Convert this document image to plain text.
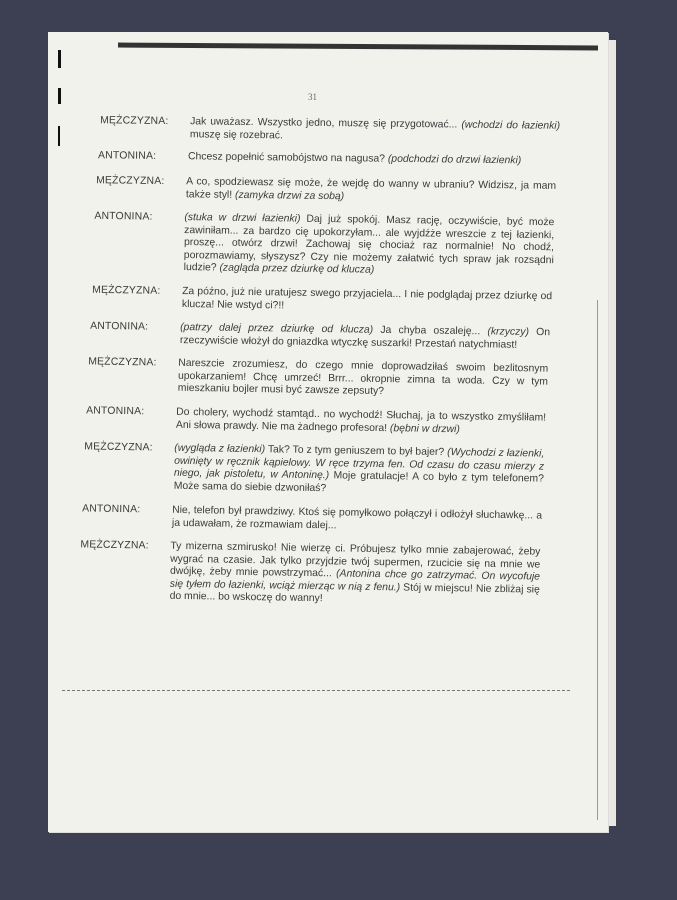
31
MĘŻCZYZNA:	Jak uważasz. Wszystko jedno, muszę się przygotować... (wchodzi do łazienki) muszę się rozebrać.
ANTONINA:	Chcesz popełnić samobójstwo na nagusa? (podchodzi do drzwi łazienki)
MĘŻCZYZNA:	A co, spodziewasz się może, że wejdę do wanny w ubraniu? Widzisz, ja mam także styl! (zamyka drzwi za sobą)
ANTONINA:	(stuka w drzwi łazienki) Daj już spokój. Masz rację, oczywiście, być może zawiniłam... za bardzo cię upokorzyłam... ale wyjdźże wreszcie z tej łazienki, proszę... otwórz drzwi! Zachowaj się chociaż raz normalnie! No chodź, porozmawiamy, słyszysz? Czy nie możemy załatwić tych spraw jak rozsądni ludzie? (zagląda przez dziurkę od klucza)
MĘŻCZYZNA:	Za późno, już nie uratujesz swego przyjaciela... I nie podglądaj przez dziurkę od klucza! Nie wstyd ci?!!
ANTONINA:	(patrzy dalej przez dziurkę od klucza) Ja chyba oszaleję... (krzyczy) On rzeczywiście włożył do gniazdka wtyczkę suszarki! Przestań natychmiast!
MĘŻCZYZNA:	Nareszcie zrozumiesz, do czego mnie doprowadziłaś swoim bezlitosnym upokarzaniem! Chcę umrzeć! Brrr... okropnie zimna ta woda. Czy w tym mieszkaniu bojler musi być zawsze zepsuty?
ANTONINA:	Do cholery, wychodź stamtąd.. no wychodź! Słuchaj, ja to wszystko zmyśliłam! Ani słowa prawdy. Nie ma żadnego profesora! (bębni w drzwi)
MĘŻCZYZNA:	(wygląda z łazienki) Tak? To z tym geniuszem to był bajer? (Wychodzi z łazienki, owinięty w ręcznik kąpielowy. W ręce trzyma fen. Od czasu do czasu mierzy z niego, jak pistoletu, w Antoninę.) Moje gratulacje! A co było z tym telefonem? Może sama do siebie dzwoniłaś?
ANTONINA:	Nie, telefon był prawdziwy. Ktoś się pomyłkowo połączył i odłożył słuchawkę... a ja udawałam, że rozmawiam dalej...
MĘŻCZYZNA:	Ty mizerna szmirusko! Nie wierzę ci. Próbujesz tylko mnie zabajerować, żeby wygrać na czasie. Jak tylko przyjdzie twój supermen, rzucicie się na mnie we dwójkę, żeby mnie powstrzymać... (Antonina chce go zatrzymać. On wycofuje się tyłem do łazienki, wciąż mierząc w nią z fenu.) Stój w miejscu! Nie zbliżaj się do mnie... bo wskoczę do wanny!
